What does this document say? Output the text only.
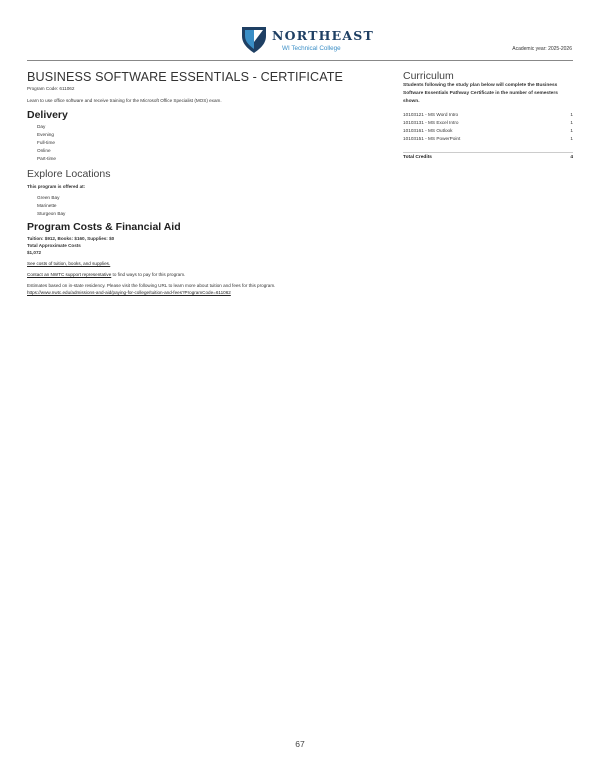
NORTHEAST
WI Technical College	Academic year: 2025-2026
BUSINESS SOFTWARE ESSENTIALS - CERTIFICATE
Program Code: 611062
Learn to use office software and receive training for the Microsoft Office Specialist (MOS) exam.
Delivery
Day
Evening
Full-time
Online
Part-time
Explore Locations
This program is offered at:
Green Bay
Marinette
Sturgeon Bay
Program Costs & Financial Aid
Tuition: $912, Books: $160, Supplies: $0
Total Approximate Costs
$1,072
See costs of tuition, books, and supplies.
Contact an NWTC support representative to find ways to pay for this program.
Estimates based on in-state residency. Please visit the following URL to learn more about tuition and fees for this program.
https://www.nwtc.edu/admissions-and-aid/paying-for-college/tuition-and-fees?ProgramCode=611062
Curriculum
Students following the study plan below will complete the Business Software Essentials Pathway Certificate in the number of semesters shown.
10103121 - MS Word Intro	1
10103131 - MS Excel Intro	1
10103161 - MS Outlook	1
10103151 - MS PowerPoint	1
Total Credits	4
67
